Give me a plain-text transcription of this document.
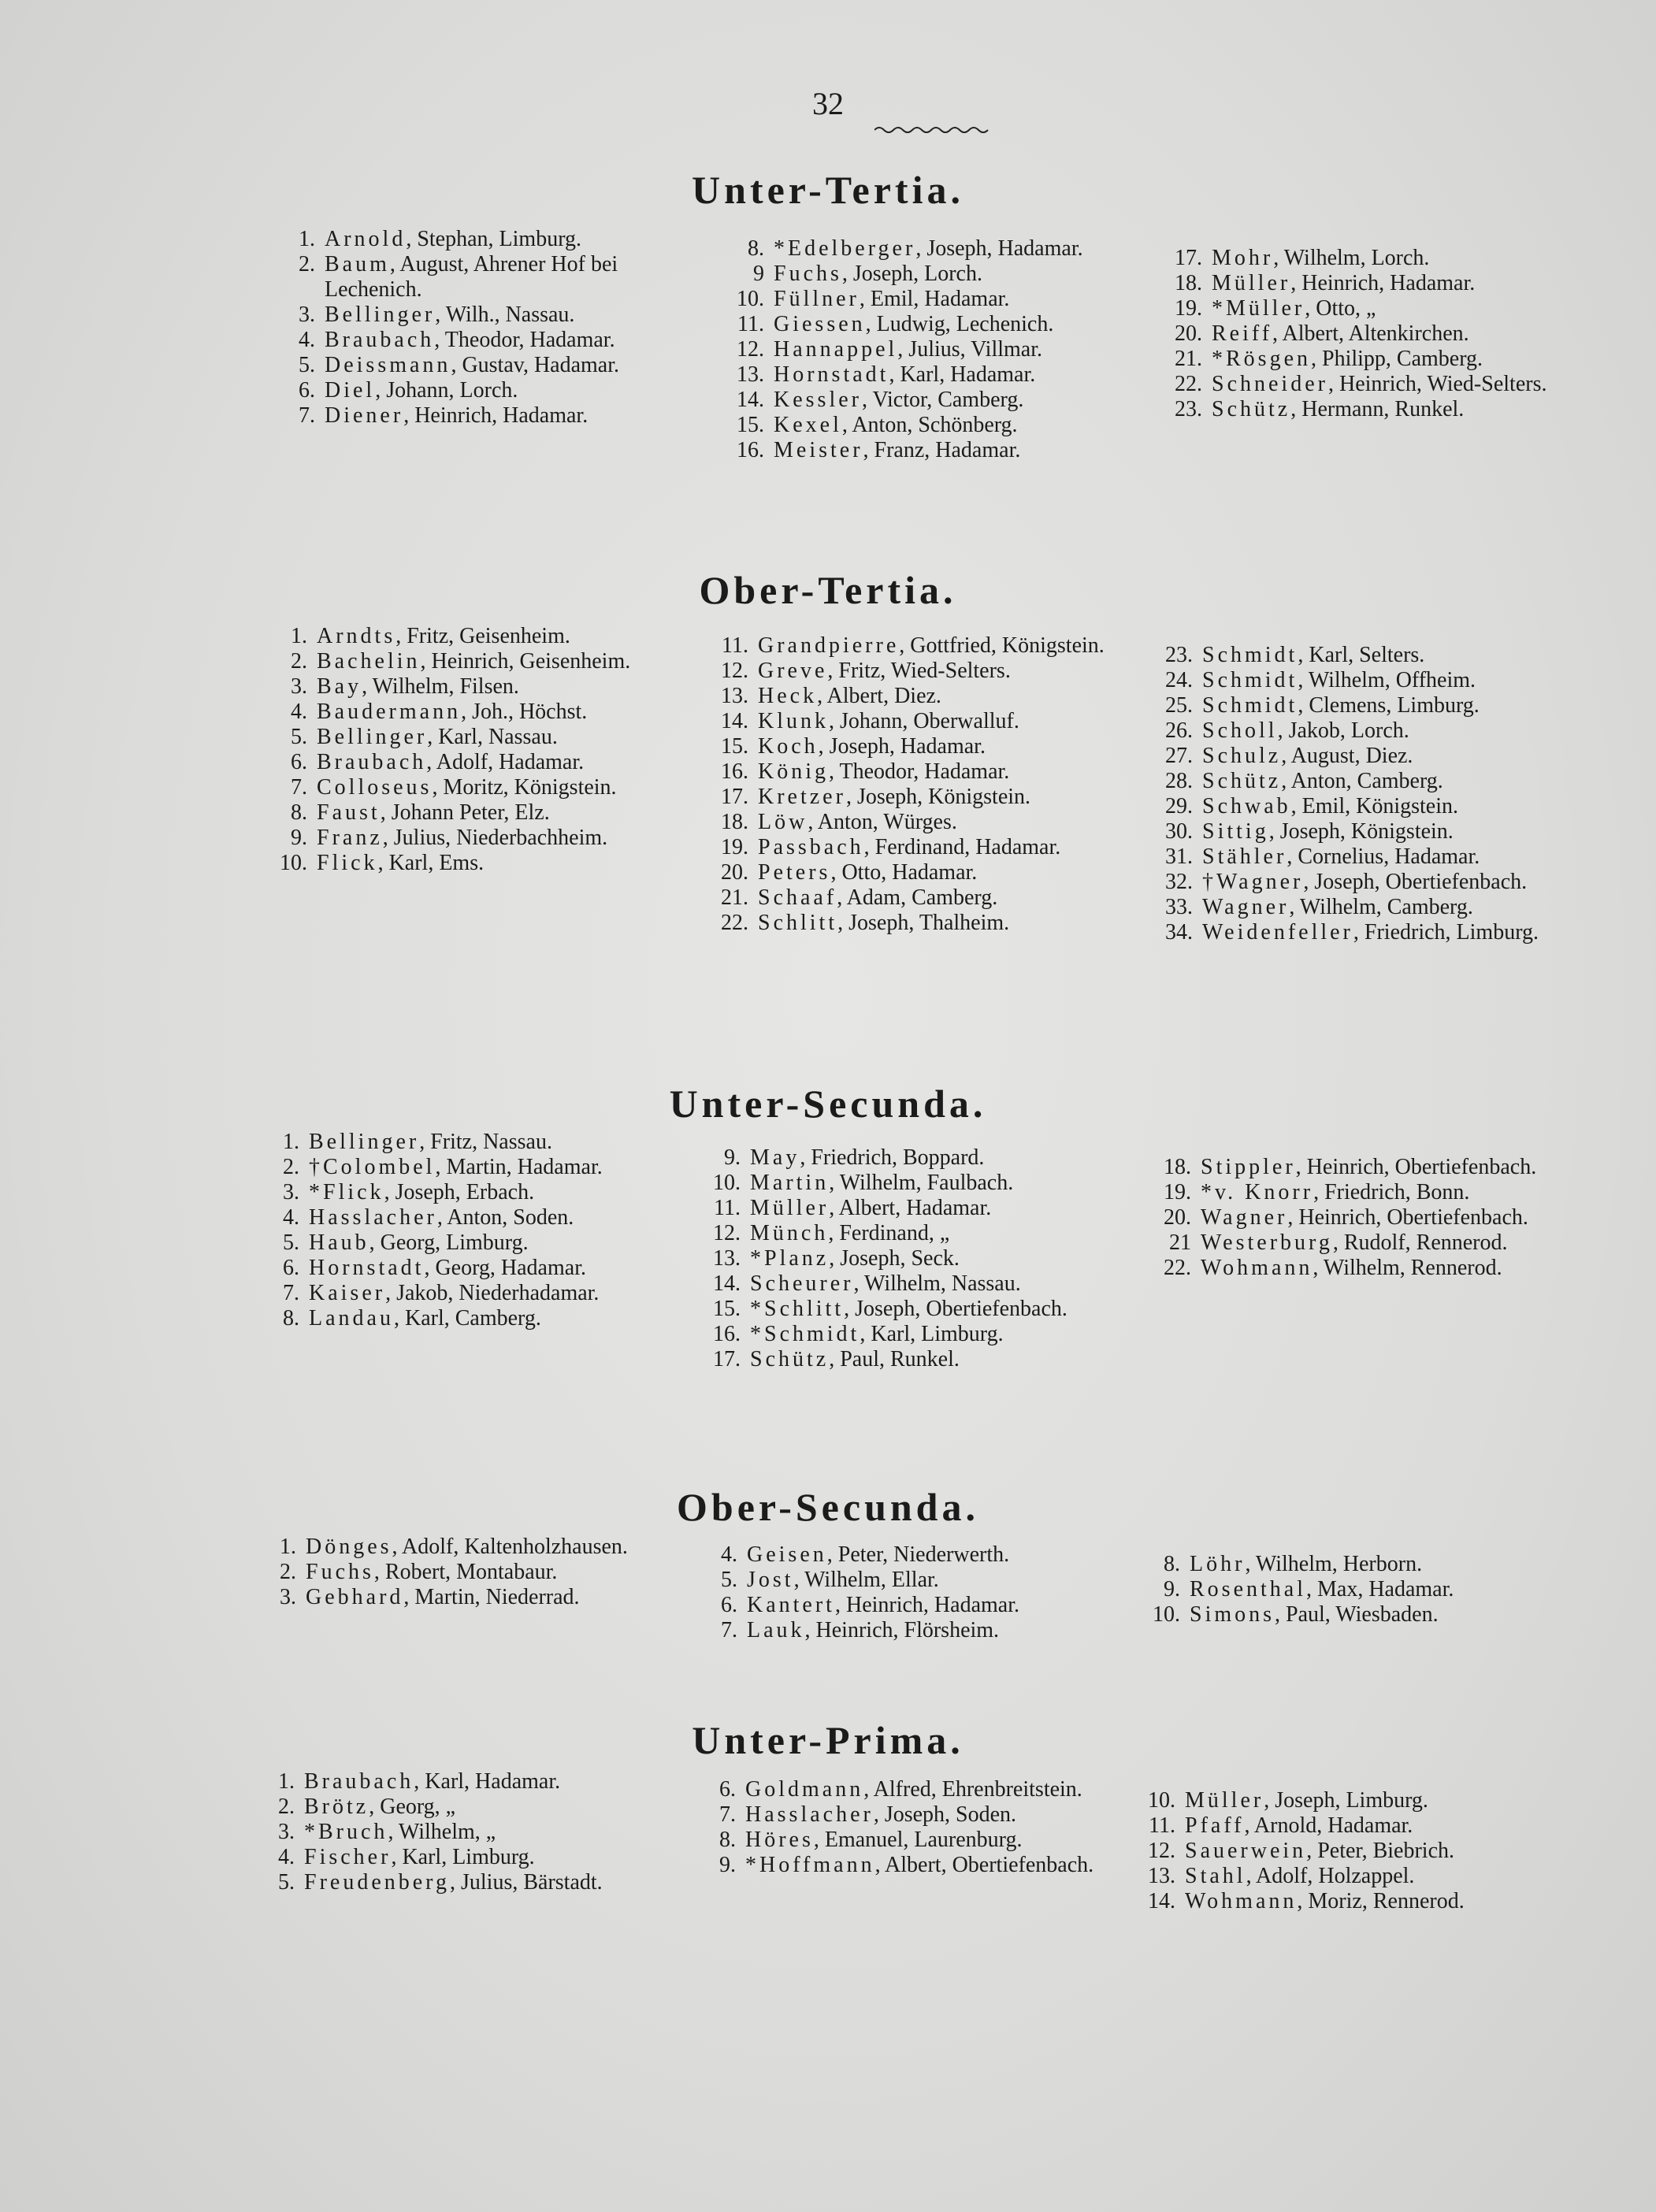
32
Unter-Tertia.
1. Arnold, Stephan, Limburg.
2. Baum, August, Ahrener Hof bei Lechenich.
3. Bellinger, Wilh., Nassau.
4. Braubach, Theodor, Hadamar.
5. Deissmann, Gustav, Hadamar.
6. Diel, Johann, Lorch.
7. Diener, Heinrich, Hadamar.
8. *Edelberger, Joseph, Hadamar.
9 Fuchs, Joseph, Lorch.
10. Füllner, Emil, Hadamar.
11. Giessen, Ludwig, Lechenich.
12. Hannappel, Julius, Villmar.
13. Hornstadt, Karl, Hadamar.
14. Kessler, Victor, Camberg.
15. Kexel, Anton, Schönberg.
16. Meister, Franz, Hadamar.
17. Mohr, Wilhelm, Lorch.
18. Müller, Heinrich, Hadamar.
19. *Müller, Otto, „
20. Reiff, Albert, Altenkirchen.
21. *Rösgen, Philipp, Camberg.
22. Schneider, Heinrich, Wied-Selters.
23. Schütz, Hermann, Runkel.
Ober-Tertia.
1. Arndts, Fritz, Geisenheim.
2. Bachelin, Heinrich, Geisenheim.
3. Bay, Wilhelm, Filsen.
4. Baudermann, Joh., Höchst.
5. Bellinger, Karl, Nassau.
6. Braubach, Adolf, Hadamar.
7. Colloseus, Moritz, Königstein.
8. Faust, Johann Peter, Elz.
9. Franz, Julius, Niederbachheim.
10. Flick, Karl, Ems.
11. Grandpierre, Gottfried, Königstein.
12. Greve, Fritz, Wied-Selters.
13. Heck, Albert, Diez.
14. Klunk, Johann, Oberwalluf.
15. Koch, Joseph, Hadamar.
16. König, Theodor, Hadamar.
17. Kretzer, Joseph, Königstein.
18. Löw, Anton, Würges.
19. Passbach, Ferdinand, Hadamar.
20. Peters, Otto, Hadamar.
21. Schaaf, Adam, Camberg.
22. Schlitt, Joseph, Thalheim.
23. Schmidt, Karl, Selters.
24. Schmidt, Wilhelm, Offheim.
25. Schmidt, Clemens, Limburg.
26. Scholl, Jakob, Lorch.
27. Schulz, August, Diez.
28. Schütz, Anton, Camberg.
29. Schwab, Emil, Königstein.
30. Sittig, Joseph, Königstein.
31. Stähler, Cornelius, Hadamar.
32. †Wagner, Joseph, Obertiefenbach.
33. Wagner, Wilhelm, Camberg.
34. Weidenfeller, Friedrich, Limburg.
Unter-Secunda.
1. Bellinger, Fritz, Nassau.
2. †Colombel, Martin, Hadamar.
3. *Flick, Joseph, Erbach.
4. Hasslacher, Anton, Soden.
5. Haub, Georg, Limburg.
6. Hornstadt, Georg, Hadamar.
7. Kaiser, Jakob, Niederhadamar.
8. Landau, Karl, Camberg.
9. May, Friedrich, Boppard.
10. Martin, Wilhelm, Faulbach.
11. Müller, Albert, Hadamar.
12. Münch, Ferdinand, „
13. *Planz, Joseph, Seck.
14. Scheurer, Wilhelm, Nassau.
15. *Schlitt, Joseph, Obertiefenbach.
16. *Schmidt, Karl, Limburg.
17. Schütz, Paul, Runkel.
18. Stippler, Heinrich, Obertiefenbach.
19. *v. Knorr, Friedrich, Bonn.
20. Wagner, Heinrich, Obertiefenbach.
21 Westerburg, Rudolf, Rennerod.
22. Wohmann, Wilhelm, Rennerod.
Ober-Secunda.
1. Dönges, Adolf, Kaltenholzhausen.
2. Fuchs, Robert, Montabaur.
3. Gebhard, Martin, Niederrad.
4. Geisen, Peter, Niederwerth.
5. Jost, Wilhelm, Ellar.
6. Kantert, Heinrich, Hadamar.
7. Lauk, Heinrich, Flörsheim.
8. Löhr, Wilhelm, Herborn.
9. Rosenthal, Max, Hadamar.
10. Simons, Paul, Wiesbaden.
Unter-Prima.
1. Braubach, Karl, Hadamar.
2. Brötz, Georg, „
3. *Bruch, Wilhelm, „
4. Fischer, Karl, Limburg.
5. Freudenberg, Julius, Bärstadt.
6. Goldmann, Alfred, Ehrenbreitstein.
7. Hasslacher, Joseph, Soden.
8. Höres, Emanuel, Laurenburg.
9. *Hoffmann, Albert, Obertiefenbach.
10. Müller, Joseph, Limburg.
11. Pfaff, Arnold, Hadamar.
12. Sauerwein, Peter, Biebrich.
13. Stahl, Adolf, Holzappel.
14. Wohmann, Moriz, Rennerod.
